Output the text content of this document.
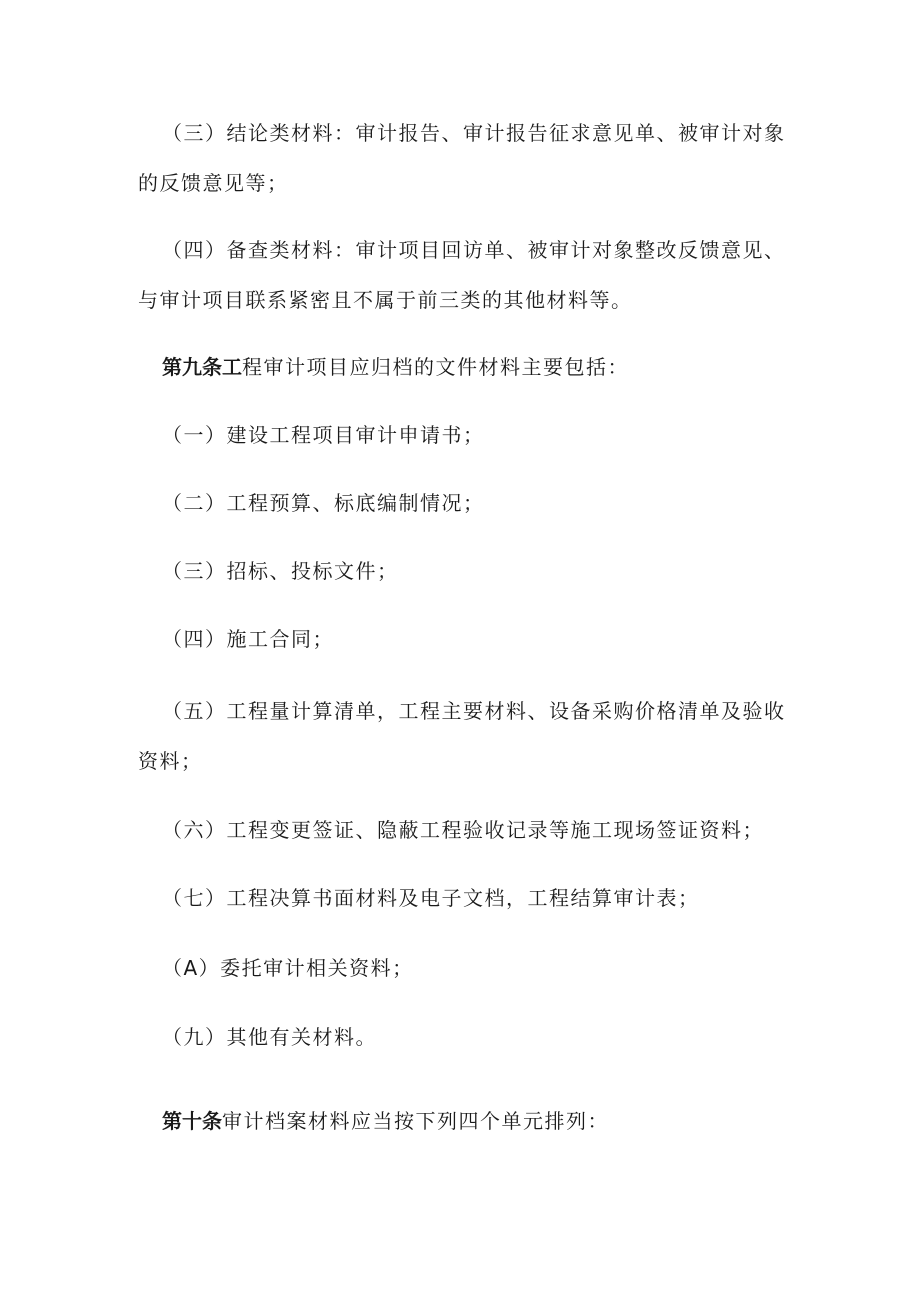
（三）结论类材料：审计报告、审计报告征求意见单、被审计对象的反馈意见等；

（四）备查类材料：审计项目回访单、被审计对象整改反馈意见、与审计项目联系紧密且不属于前三类的其他材料等。

第九条工程审计项目应归档的文件材料主要包括：

（一）建设工程项目审计申请书；

（二）工程预算、标底编制情况；

（三）招标、投标文件；

（四）施工合同；

（五）工程量计算清单，工程主要材料、设备采购价格清单及验收资料；

（六）工程变更签证、隐蔽工程验收记录等施工现场签证资料；

（七）工程决算书面材料及电子文档，工程结算审计表；

（A）委托审计相关资料；

（九）其他有关材料。

第十条审计档案材料应当按下列四个单元排列：
